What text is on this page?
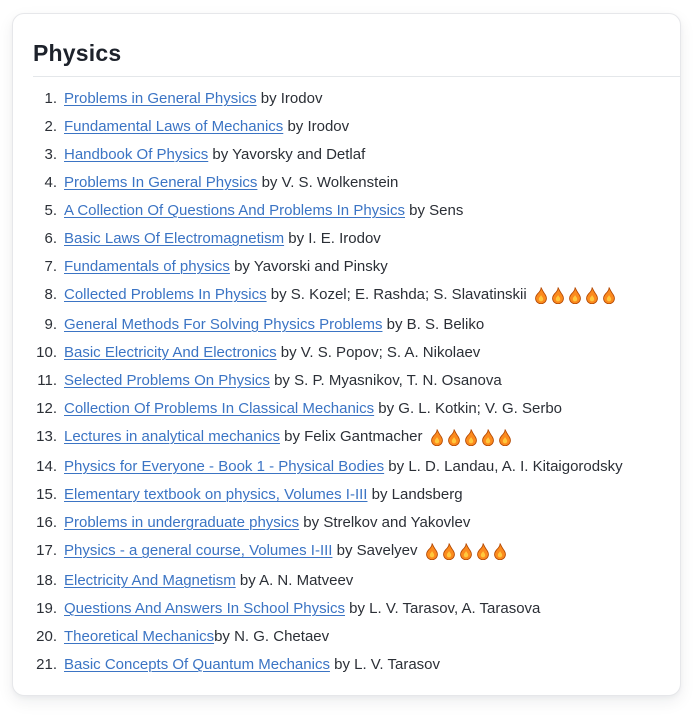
Physics
1. Problems in General Physics by Irodov
2. Fundamental Laws of Mechanics by Irodov
3. Handbook Of Physics by Yavorsky and Detlaf
4. Problems In General Physics by V. S. Wolkenstein
5. A Collection Of Questions And Problems In Physics by Sens
6. Basic Laws Of Electromagnetism by I. E. Irodov
7. Fundamentals of physics by Yavorski and Pinsky
8. Collected Problems In Physics by S. Kozel; E. Rashda; S. Slavatinskii
9. General Methods For Solving Physics Problems by B. S. Beliko
10. Basic Electricity And Electronics by V. S. Popov; S. A. Nikolaev
11. Selected Problems On Physics by S. P. Myasnikov, T. N. Osanova
12. Collection Of Problems In Classical Mechanics by G. L. Kotkin; V. G. Serbo
13. Lectures in analytical mechanics by Felix Gantmacher
14. Physics for Everyone - Book 1 - Physical Bodies by L. D. Landau, A. I. Kitaigorodsky
15. Elementary textbook on physics, Volumes I-III by Landsberg
16. Problems in undergraduate physics by Strelkov and Yakovlev
17. Physics - a general course, Volumes I-III by Savelyev
18. Electricity And Magnetism by A. N. Matveev
19. Questions And Answers In School Physics by L. V. Tarasov, A. Tarasova
20. Theoretical Mechanicsby N. G. Chetaev
21. Basic Concepts Of Quantum Mechanics by L. V. Tarasov
